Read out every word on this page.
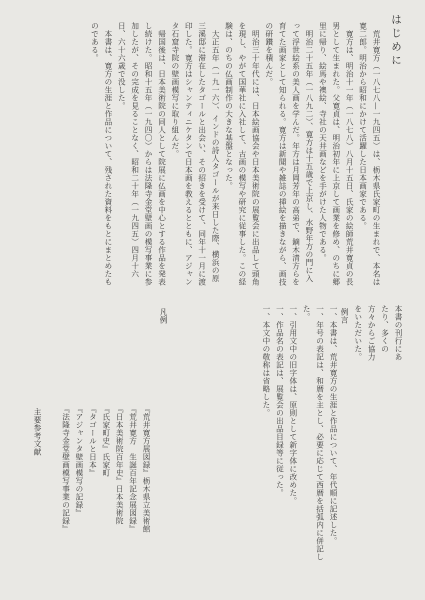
はじめに
　荒井寛方（一八七八—一九四五）は、栃木県氏家町の生まれで、本名は寛二郎。明治から昭和にかけて活躍した日本画家である。
　寛方は、明治十一年（一八七八）八月十五日、氏家の絵師荒井寛貞の長男として生まれた。父寛貞は、明治初年に上京して画業を修め、のちに郷里に帰り、絵馬や襖絵、寺社の天井画などを手がけた人物である。
　明治二十五年（一八九二）、寛方は十五歳で上京し、水野年方の門に入って浮世絵系の美人画を学んだ。年方は月岡芳年の高弟で、鏑木清方らを育てた画家として知られる。寛方は新聞や雑誌の挿絵を描きながら、画技の研鑽を積んだ。
　明治三十年代には、日本絵画協会や日本美術院の展覧会に出品して頭角を現し、やがて国華社に入社して、古画の模写や研究に従事した。この経験は、のちの仏画制作の大きな基盤となった。
　大正五年（一九一六）、インドの詩人タゴールが来日した際、横浜の原三溪邸に滞在したタゴールと出会い、その招きを受けて、同年十一月に渡印した。寛方はシャンティニケタンで日本画を教えるとともに、アジャンタ石窟寺院の壁画模写に取り組んだ。
　帰国後は、日本美術院の同人として院展に仏画を中心とする作品を発表し続けた。昭和十五年（一九四〇）からは法隆寺金堂壁画の模写事業に参加したが、その完成を見ることなく、昭和二十年（一九四五）四月十六日、六十六歳で没した。
　本書は、寛方の生涯と作品について、残された資料をもとにまとめたものである。
例言	本書の刊行にあたり、多くの方々からご協力をいただいた。
凡例	一、本書は、荒井寛方の生涯と作品について、年代順に記述した。
一、年号の表記は、和暦を主とし、必要に応じて西暦を括弧内に併記した。
一、引用文中の旧字体は、原則として新字体に改めた。
一、作品名の表記は、展覧会の出品目録等に従った。
一、本文中の敬称は省略した。
主要参考文献	『荒井寛方展図録』栃木県立美術館
『荒井寛方　生誕百年記念展図録』
『日本美術院百年史』日本美術院
『氏家町史』氏家町
『タゴールと日本』
『アジャンタ壁画模写の記録』
『法隆寺金堂壁画模写事業の記録』
